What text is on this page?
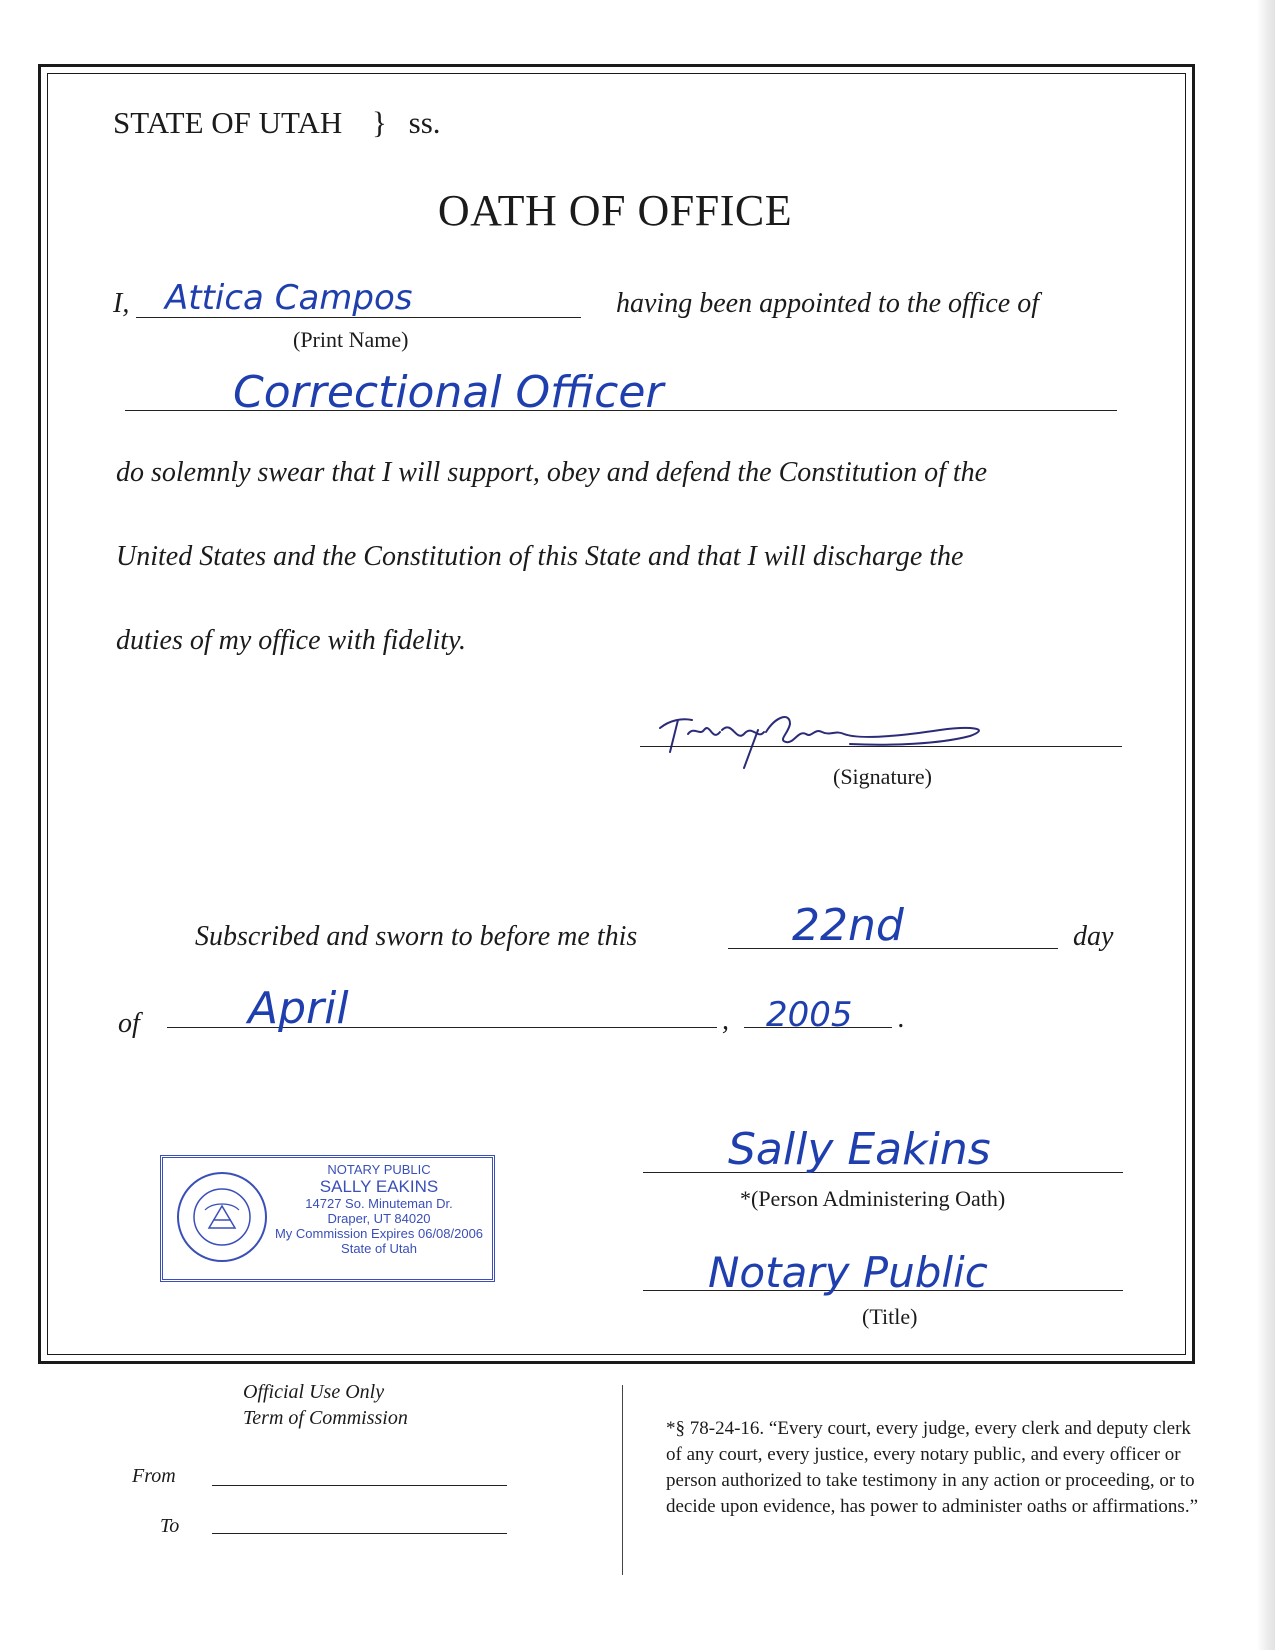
STATE OF UTAH } ss.
OATH OF OFFICE
I, Attica Campos
(Print Name)
having been appointed to the office of
Correctional Officer
do solemnly swear that I will support, obey and defend the Constitution of the
United States and the Constitution of this State and that I will discharge the
duties of my office with fidelity.
(Signature)
Subscribed and sworn to before me this	22nd	day
of April	, 2005 .
Sally Eakins
*(Person Administering Oath)
Notary Public
(Title)
NOTARY PUBLIC
SALLY EAKINS
14727 So. Minuteman Dr.
Draper, UT 84020
My Commission Expires 06/08/2006
State of Utah
Official Use Only
Term of Commission
From
To
*§ 78-24-16. “Every court, every judge, every clerk and deputy clerk of any court, every justice, every notary public, and every officer or person authorized to take testimony in any action or proceeding, or to decide upon evidence, has power to administer oaths or affirmations.”
